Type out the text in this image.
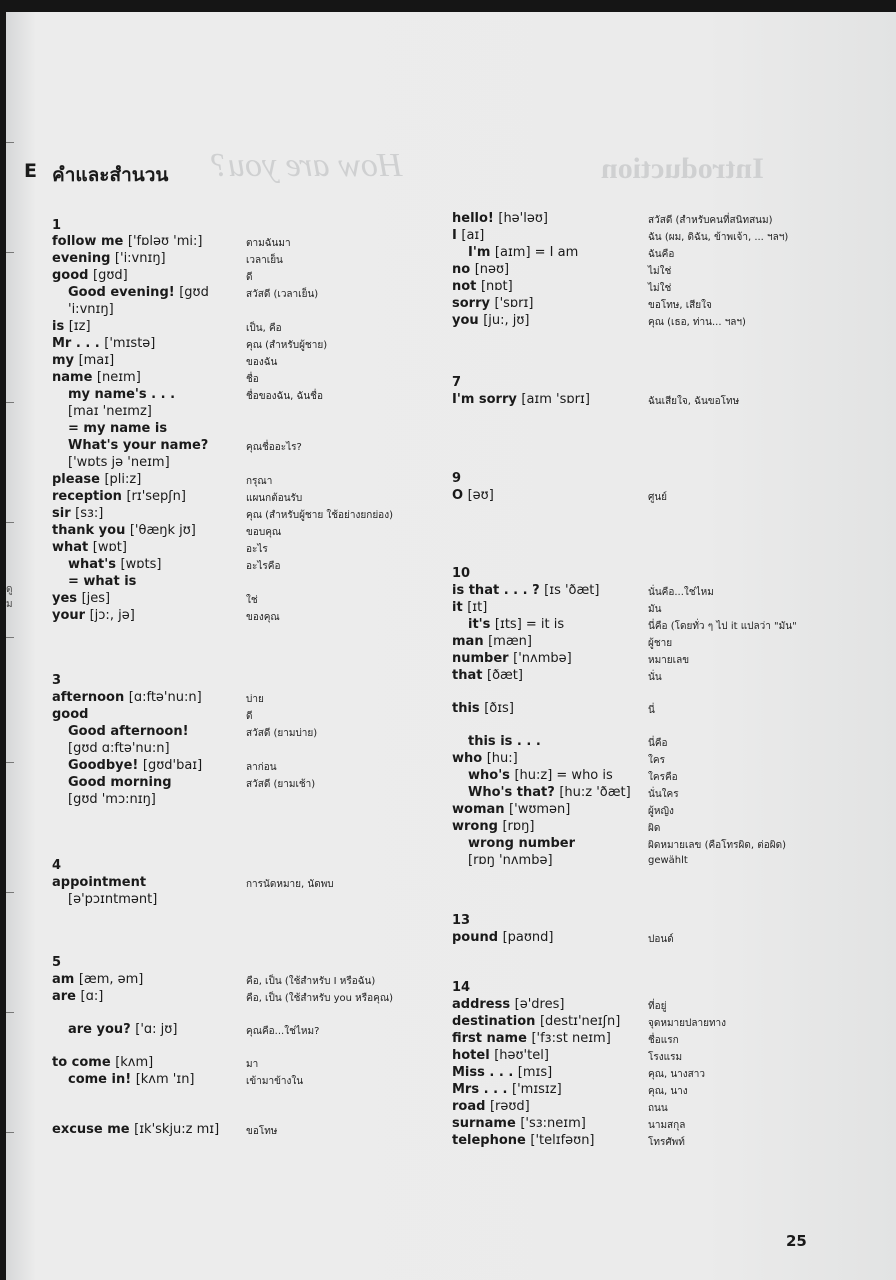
How are you?	Introduction
E คำและสำนวน
ดู
ม
1
follow me ['fɒləʊ 'mi:]	ตามฉันมา
evening ['i:vnɪŋ]	เวลาเย็น
good [gʊd]	ดี
Good evening! [gʊd	สวัสดี (เวลาเย็น)
'i:vnɪŋ]
is [ɪz]	เป็น, คือ
Mr . . . ['mɪstə]	คุณ (สำหรับผู้ชาย)
my [maɪ]	ของฉัน
name [neɪm]	ชื่อ
my name's . . .	ชื่อของฉัน, ฉันชื่อ
[maɪ 'neɪmz]
= my name is
What's your name?	คุณชื่ออะไร?
['wɒts jə 'neɪm]
please [pli:z]	กรุณา
reception [rɪ'sepʃn]	แผนกต้อนรับ
sir [sɜ:]	คุณ (สำหรับผู้ชาย ใช้อย่างยกย่อง)
thank you ['θæŋk jʊ]	ขอบคุณ
what [wɒt]	อะไร
what's [wɒts]	อะไรคือ
= what is
yes [jes]	ใช่
your [jɔ:, jə]	ของคุณ
3
afternoon [ɑ:ftə'nu:n]	บ่าย
good	ดี
Good afternoon!	สวัสดี (ยามบ่าย)
[gʊd ɑ:ftə'nu:n]
Goodbye! [gʊd'baɪ]	ลาก่อน
Good morning	สวัสดี (ยามเช้า)
[gʊd 'mɔ:nɪŋ]
4
appointment	การนัดหมาย, นัดพบ
[ə'pɔɪntmənt]
5
am [æm, əm]	คือ, เป็น (ใช้สำหรับ I หรือฉัน)
are [ɑ:]	คือ, เป็น (ใช้สำหรับ you หรือคุณ)
are you? ['ɑ: jʊ]	คุณคือ...ใช่ไหม?
to come [kʌm]	มา
come in! [kʌm 'ɪn]	เข้ามาข้างใน
excuse me [ɪk'skju:z mɪ]	ขอโทษ
hello! [hə'ləʊ]	สวัสดี (สำหรับคนที่สนิทสนม)
I [aɪ]	ฉัน (ผม, ดิฉัน, ข้าพเจ้า, ... ฯลฯ)
I'm [aɪm] = I am	ฉันคือ
no [nəʊ]	ไม่ใช่
not [nɒt]	ไม่ใช่
sorry ['sɒrɪ]	ขอโทษ, เสียใจ
you [ju:, jʊ]	คุณ (เธอ, ท่าน... ฯลฯ)
7
I'm sorry [aɪm 'sɒrɪ]	ฉันเสียใจ, ฉันขอโทษ
9
O [əʊ]	ศูนย์
10
is that . . . ? [ɪs 'ðæt]	นั่นคือ...ใช่ไหม
it [ɪt]	มัน
it's [ɪts] = it is	นี่คือ (โดยทั่ว ๆ ไป it แปลว่า "มัน"
man [mæn]	ผู้ชาย
number ['nʌmbə]	หมายเลข
that [ðæt]	นั่น
this [ðɪs]	นี่
this is . . .	นี่คือ
who [hu:]	ใคร
who's [hu:z] = who is	ใครคือ
Who's that? [hu:z 'ðæt] นั่นใคร
woman ['wʊmən]	ผู้หญิง
wrong [rɒŋ]	ผิด
wrong number	ผิดหมายเลข (คือโทรผิด, ต่อผิด)
[rɒŋ 'nʌmbə]	gewählt
13
pound [paʊnd]	ปอนด์
14
address [ə'dres]	ที่อยู่
destination [destɪ'neɪʃn]	จุดหมายปลายทาง
first name ['fɜ:st neɪm]	ชื่อแรก
hotel [həʊ'tel]	โรงแรม
Miss . . . [mɪs]	คุณ, นางสาว
Mrs . . . ['mɪsɪz]	คุณ, นาง
road [rəʊd]	ถนน
surname ['sɜ:neɪm]	นามสกุล
telephone ['telɪfəʊn]	โทรศัพท์
25
